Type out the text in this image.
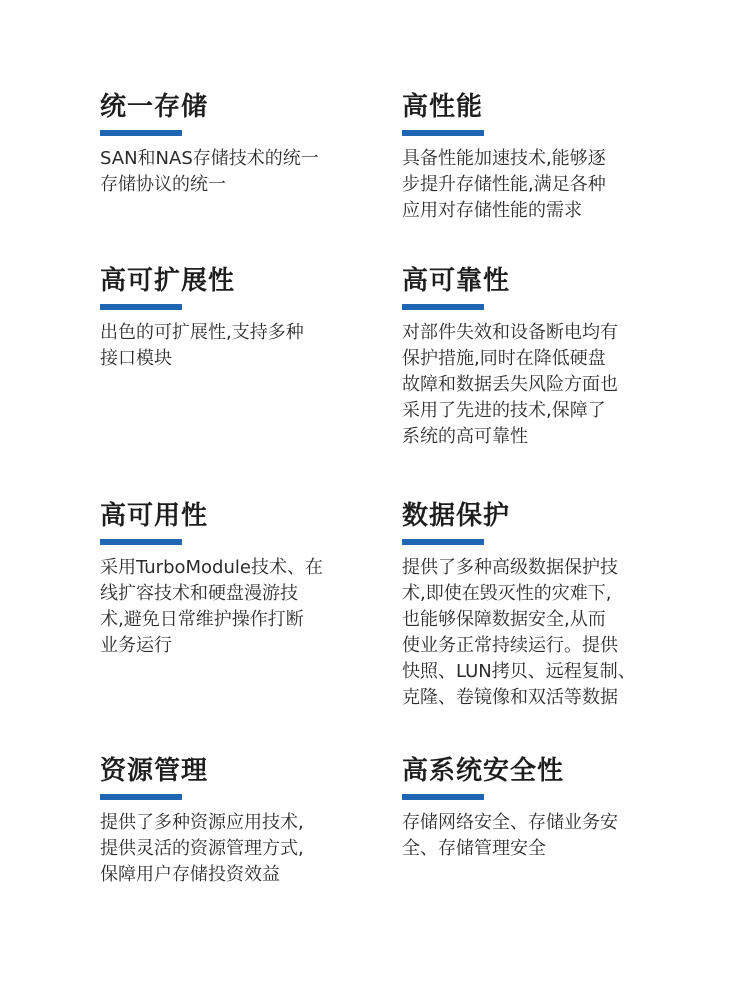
统一存储
SAN和NAS存储技术的统一
存储协议的统一
高性能
具备性能加速技术,能够逐
步提升存储性能,满足各种
应用对存储性能的需求
高可扩展性
出色的可扩展性,支持多种
接口模块
高可靠性
对部件失效和设备断电均有
保护措施,同时在降低硬盘
故障和数据丢失风险方面也
采用了先进的技术,保障了
系统的高可靠性
高可用性
采用TurboModule技术、在
线扩容技术和硬盘漫游技
术,避免日常维护操作打断
业务运行
数据保护
提供了多种高级数据保护技
术,即使在毁灭性的灾难下,
也能够保障数据安全,从而
使业务正常持续运行。提供
快照、LUN拷贝、远程复制、
克隆、卷镜像和双活等数据
资源管理
提供了多种资源应用技术,
提供灵活的资源管理方式,
保障用户存储投资效益
高系统安全性
存储网络安全、存储业务安
全、存储管理安全
